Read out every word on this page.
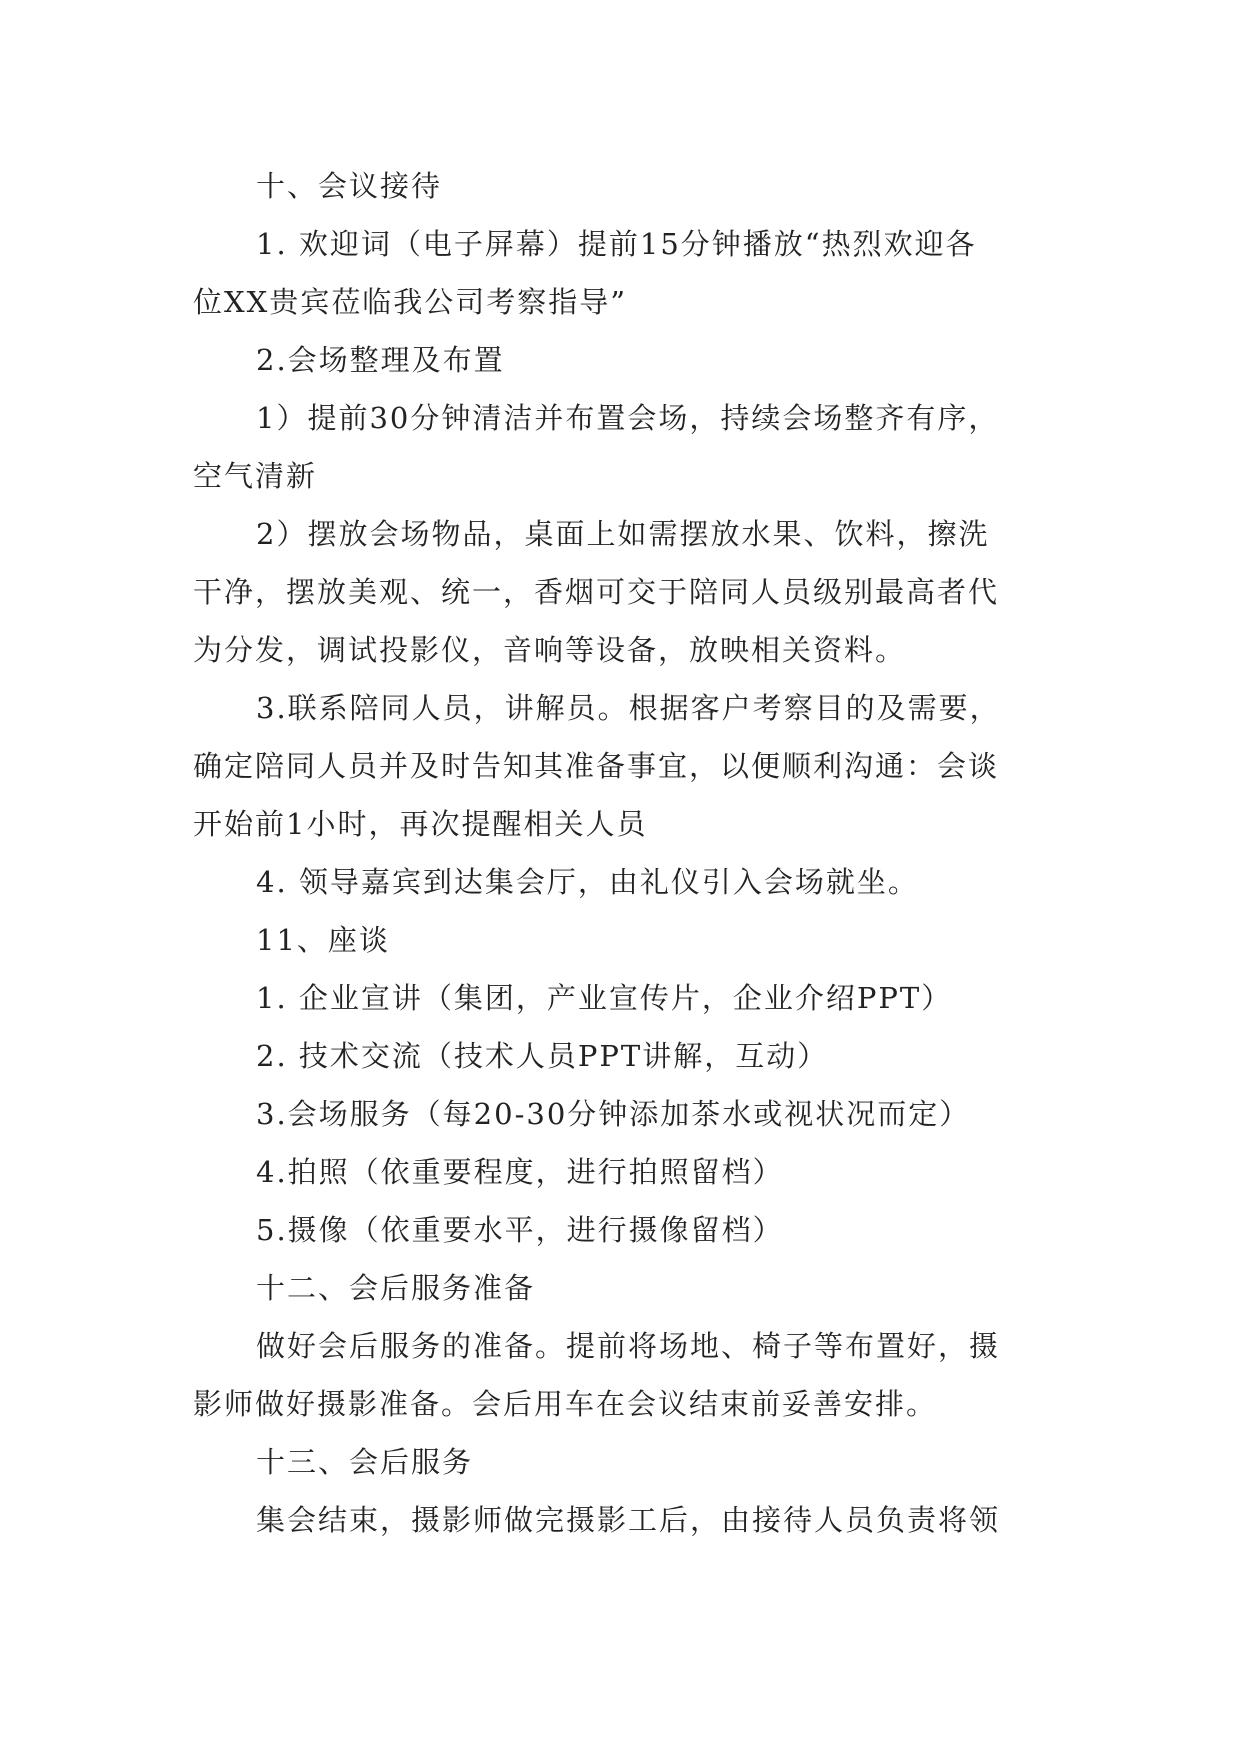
十、会议接待
1. 欢迎词（电子屏幕）提前15分钟播放“热烈欢迎各
位XX贵宾莅临我公司考察指导”
2.会场整理及布置
1）提前30分钟清洁并布置会场，持续会场整齐有序，
空气清新
2）摆放会场物品，桌面上如需摆放水果、饮料，擦洗
干净，摆放美观、统一，香烟可交于陪同人员级别最高者代
为分发，调试投影仪，音响等设备，放映相关资料。
3.联系陪同人员，讲解员。根据客户考察目的及需要，
确定陪同人员并及时告知其准备事宜，以便顺利沟通：会谈
开始前1小时，再次提醒相关人员
4. 领导嘉宾到达集会厅，由礼仪引入会场就坐。
11、座谈
1. 企业宣讲（集团，产业宣传片，企业介绍PPT）
2. 技术交流（技术人员PPT讲解，互动）
3.会场服务（每20-30分钟添加茶水或视状况而定）
4.拍照（依重要程度，进行拍照留档）
5.摄像（依重要水平，进行摄像留档）
十二、会后服务准备
做好会后服务的准备。提前将场地、椅子等布置好，摄
影师做好摄影准备。会后用车在会议结束前妥善安排。
十三、会后服务
集会结束，摄影师做完摄影工后，由接待人员负责将领
